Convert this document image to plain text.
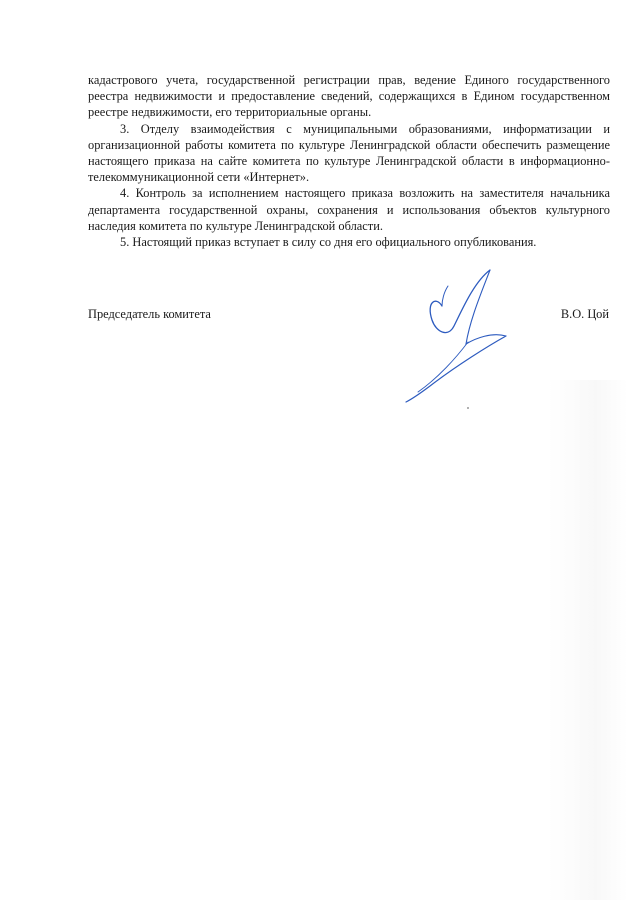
кадастрового учета, государственной регистрации прав, ведение Единого государственного реестра недвижимости и предоставление сведений, содержащихся в Едином государственном реестре недвижимости, его территориальные органы.

3. Отделу взаимодействия с муниципальными образованиями, информатизации и организационной работы комитета по культуре Ленинградской области обеспечить размещение настоящего приказа на сайте комитета по культуре Ленинградской области в информационно-телекоммуникационной сети «Интернет».

4. Контроль за исполнением настоящего приказа возложить на заместителя начальника департамента государственной охраны, сохранения и использования объектов культурного наследия комитета по культуре Ленинградской области.

5. Настоящий приказ вступает в силу со дня его официального опубликования.

Председатель комитета	В.О. Цой
